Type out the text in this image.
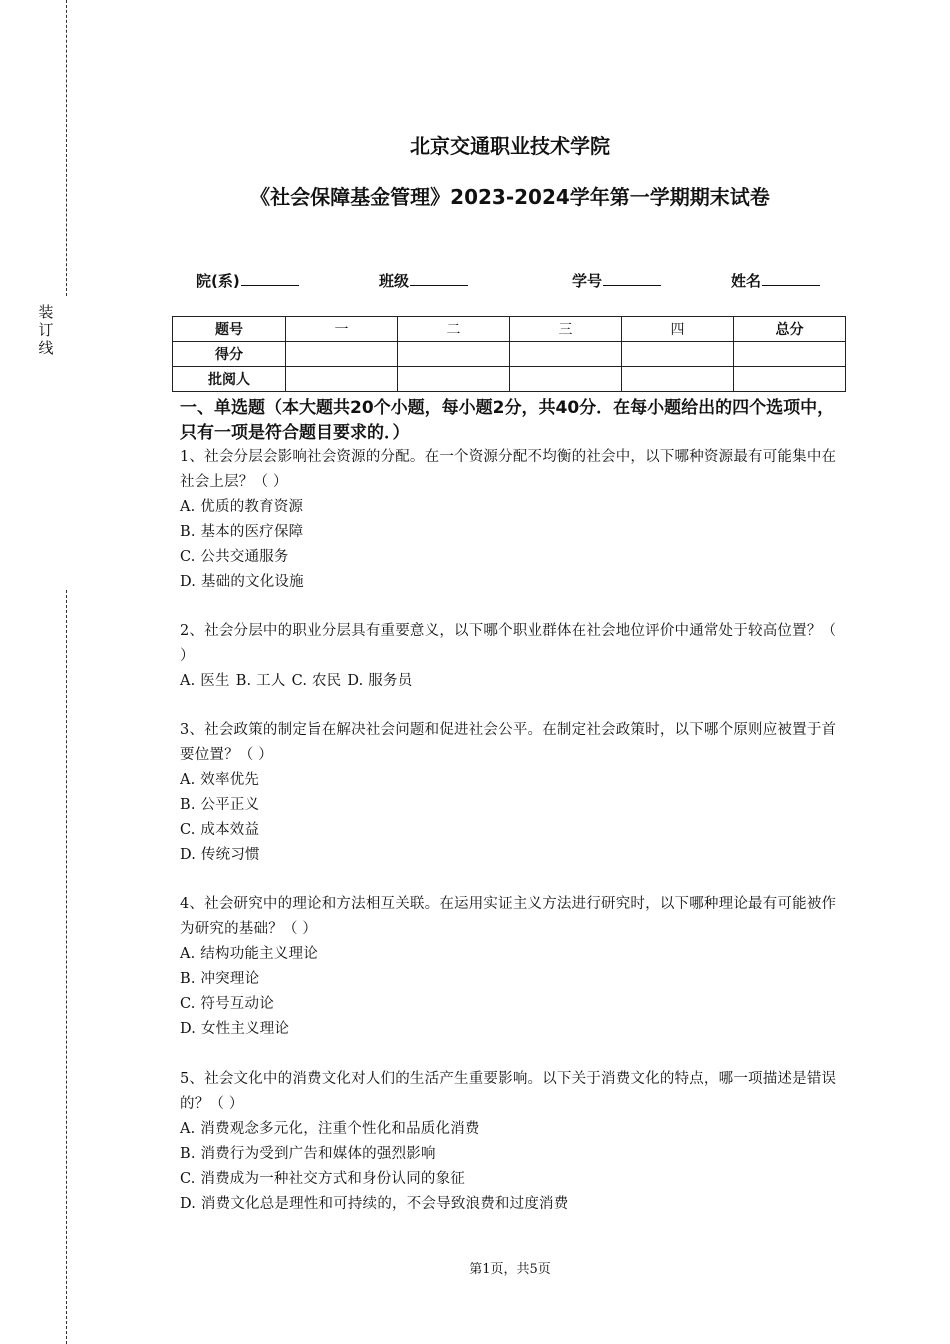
装
订
线
北京交通职业技术学院
《社会保障基金管理》2023-2024学年第一学期期末试卷
院(系)	班级	学号	姓名
题号	一	二	三	四	总分
得分					
批阅人					
一、单选题（本大题共20个小题，每小题2分，共40分．在每小题给出的四个选项中，只有一项是符合题目要求的．）
1、社会分层会影响社会资源的分配。在一个资源分配不均衡的社会中，以下哪种资源最有可能集中在社会上层？（ ）
A. 优质的教育资源
B. 基本的医疗保障
C. 公共交通服务
D. 基础的文化设施
2、社会分层中的职业分层具有重要意义，以下哪个职业群体在社会地位评价中通常处于较高位置？（ ）
A. 医生 B. 工人 C. 农民 D. 服务员
3、社会政策的制定旨在解决社会问题和促进社会公平。在制定社会政策时，以下哪个原则应被置于首要位置？（ ）
A. 效率优先
B. 公平正义
C. 成本效益
D. 传统习惯
4、社会研究中的理论和方法相互关联。在运用实证主义方法进行研究时，以下哪种理论最有可能被作为研究的基础？（ ）
A. 结构功能主义理论
B. 冲突理论
C. 符号互动论
D. 女性主义理论
5、社会文化中的消费文化对人们的生活产生重要影响。以下关于消费文化的特点，哪一项描述是错误的？（ ）
A. 消费观念多元化，注重个性化和品质化消费
B. 消费行为受到广告和媒体的强烈影响
C. 消费成为一种社交方式和身份认同的象征
D. 消费文化总是理性和可持续的，不会导致浪费和过度消费
第1页，共5页
